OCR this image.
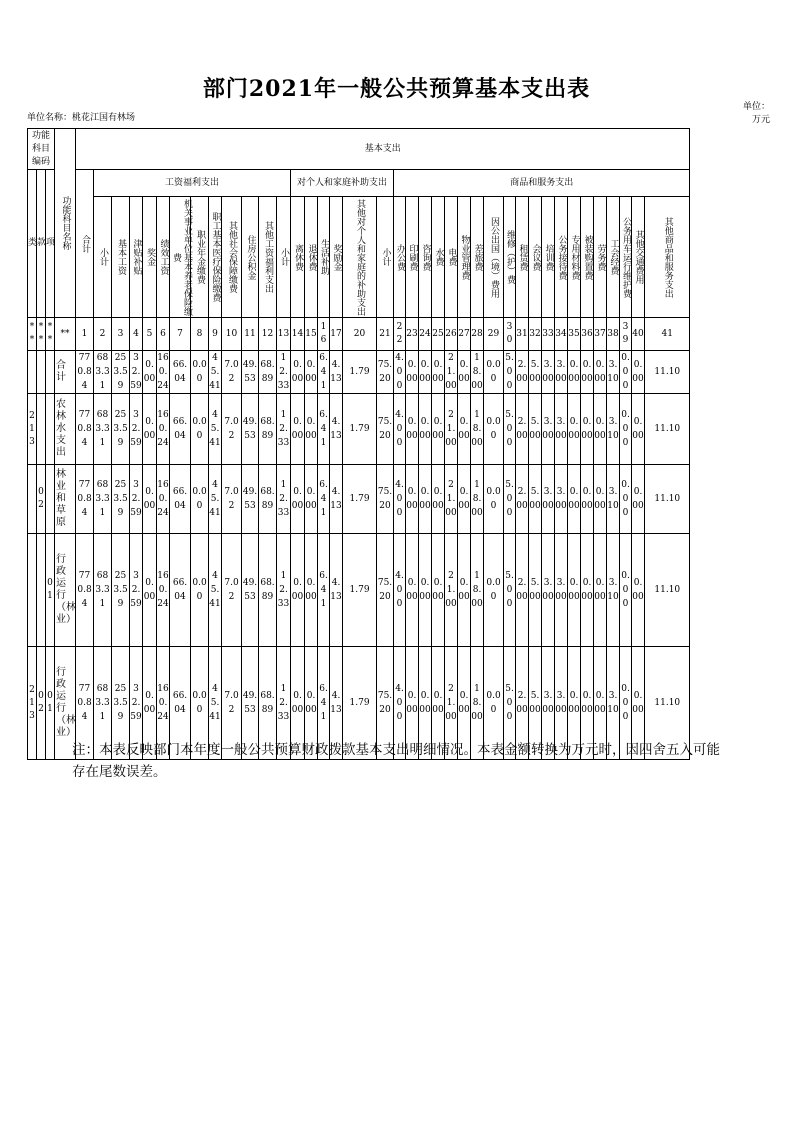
部门2021年一般公共预算基本支出表
单位名称：桃花江国有林场
单位：万元
功能科目编码			功能科目名称	基本支出																																						

类	款	项		合计	工资福利支出												对个人和家庭补助支出						商品和服务支出																			

					小计	基本工资	津贴补贴	奖金	绩效工资	机关事业单位基本养老保险缴费	职业年金缴费	职工基本医疗保险缴费	其他社会保障缴费	住房公积金	其他工资福利支出	小计	离休费	退休费	生活补助	奖励金	其他对个人和家庭的补助支出	小计	办公费	印刷费	咨询费	水费	电费	物业管理费	差旅费	因公出国（境）费用	维修（护）费	租赁费	会议费	培训费	公务接待费	专用材料费	被装购置费	劳务费	工会经费	公务用车运行维护费	其他交通费用	其他商品和服务支出

**	**	**	**	1	2	3	4	5	6	7	8	9	10	11	12	13	14	15	16	17	20	21	22	23	24	25	26	27	28	29	30	31	32	33	34	35	36	37	38	39	40	41

			合计	770.84	683.31	253.59	32.59	0.00	160.24	66.04	0.00	45.41	7.02	49.53	68.89	12.33	0.00	0.00	6.41	4.13	1.79	75.20	4.00	0.00	0.00	0.00	21.00	0.00	18.00	0.00	5.00	2.00	5.00	3.00	3.00	0.00	0.00	0.00	3.10	0.00	0.00	11.10

213			农林水支出	770.84	683.31	253.59	32.59	0.00	160.24	66.04	0.00	45.41	7.02	49.53	68.89	12.33	0.00	0.00	6.41	4.13	1.79	75.20	4.00	0.00	0.00	0.00	21.00	0.00	18.00	0.00	5.00	2.00	5.00	3.00	3.00	0.00	0.00	0.00	3.10	0.00	0.00	11.10

	02		林业和草原	770.84	683.31	253.59	32.59	0.00	160.24	66.04	0.00	45.41	7.02	49.53	68.89	12.33	0.00	0.00	6.41	4.13	1.79	75.20	4.00	0.00	0.00	0.00	21.00	0.00	18.00	0.00	5.00	2.00	5.00	3.00	3.00	0.00	0.00	0.00	3.10	0.00	0.00	11.10

		01	行政运行（林业）	770.84	683.31	253.59	32.59	0.00	160.24	66.04	0.00	45.41	7.02	49.53	68.89	12.33	0.00	0.00	6.41	4.13	1.79	75.20	4.00	0.00	0.00	0.00	21.00	0.00	18.00	0.00	5.00	2.00	5.00	3.00	3.00	0.00	0.00	0.00	3.10	0.00	0.00	11.10

213	02	01	行政运行（林业）	770.84	683.31	253.59	32.59	0.00	160.24	66.04	0.00	45.41	7.02	49.53	68.89	12.33	0.00	0.00	6.41	4.13	1.79	75.20	4.00	0.00	0.00	0.00	21.00	0.00	18.00	0.00	5.00	2.00	5.00	3.00	3.00	0.00	0.00	0.00	3.10	0.00	0.00	11.10
注：本表反映部门本年度一般公共预算财政拨款基本支出明细情况。本表金额转换为万元时，因四舍五入可能存在尾数误差。
